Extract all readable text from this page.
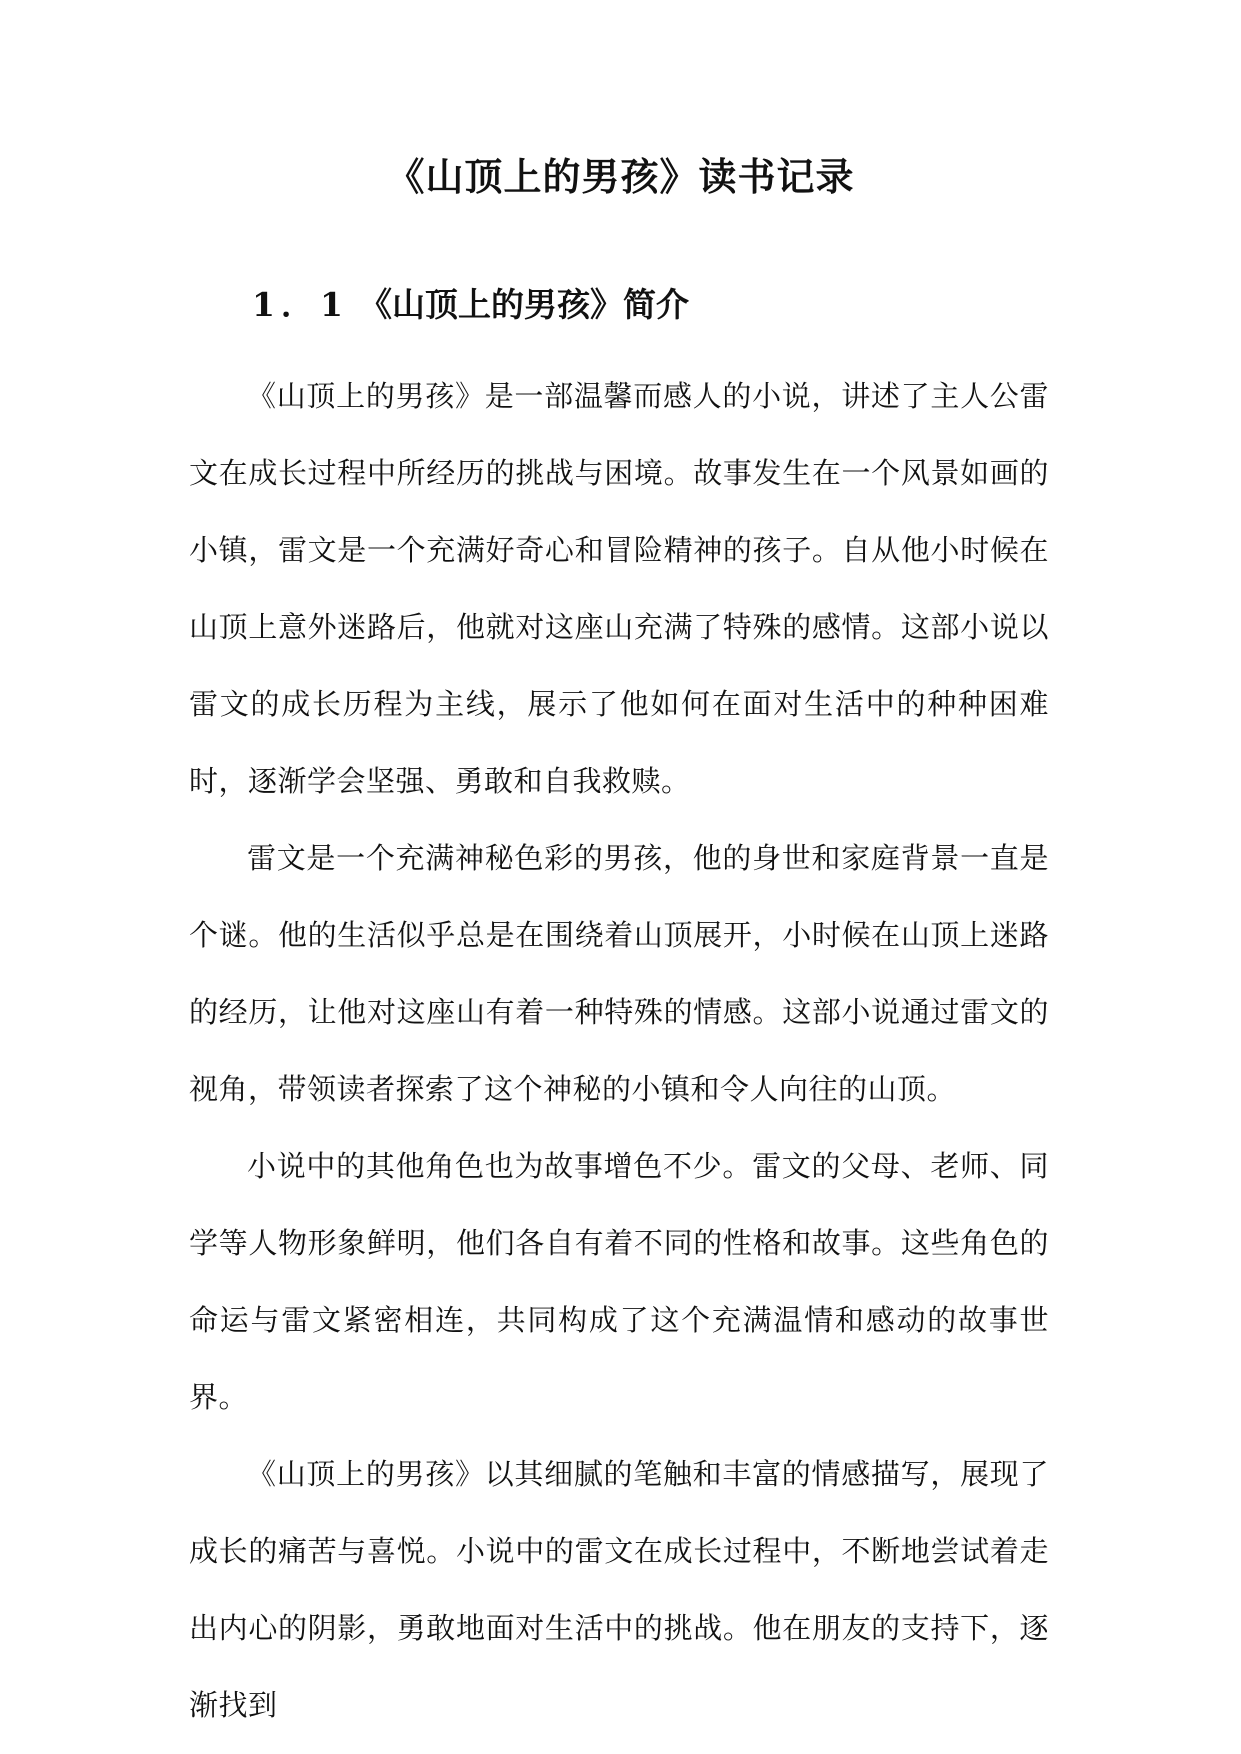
《山顶上的男孩》读书记录
1．1 《山顶上的男孩》简介

《山顶上的男孩》是一部温馨而感人的小说，讲述了主人公雷文在成长过程中所经历的挑战与困境。故事发生在一个风景如画的小镇，雷文是一个充满好奇心和冒险精神的孩子。自从他小时候在山顶上意外迷路后，他就对这座山充满了特殊的感情。这部小说以雷文的成长历程为主线，展示了他如何在面对生活中的种种困难时，逐渐学会坚强、勇敢和自我救赎。

雷文是一个充满神秘色彩的男孩，他的身世和家庭背景一直是个谜。他的生活似乎总是在围绕着山顶展开，小时候在山顶上迷路的经历，让他对这座山有着一种特殊的情感。这部小说通过雷文的视角，带领读者探索了这个神秘的小镇和令人向往的山顶。

小说中的其他角色也为故事增色不少。雷文的父母、老师、同学等人物形象鲜明，他们各自有着不同的性格和故事。这些角色的命运与雷文紧密相连，共同构成了这个充满温情和感动的故事世界。

《山顶上的男孩》以其细腻的笔触和丰富的情感描写，展现了成长的痛苦与喜悦。小说中的雷文在成长过程中，不断地尝试着走出内心的阴影，勇敢地面对生活中的挑战。他在朋友的支持下，逐渐找到
